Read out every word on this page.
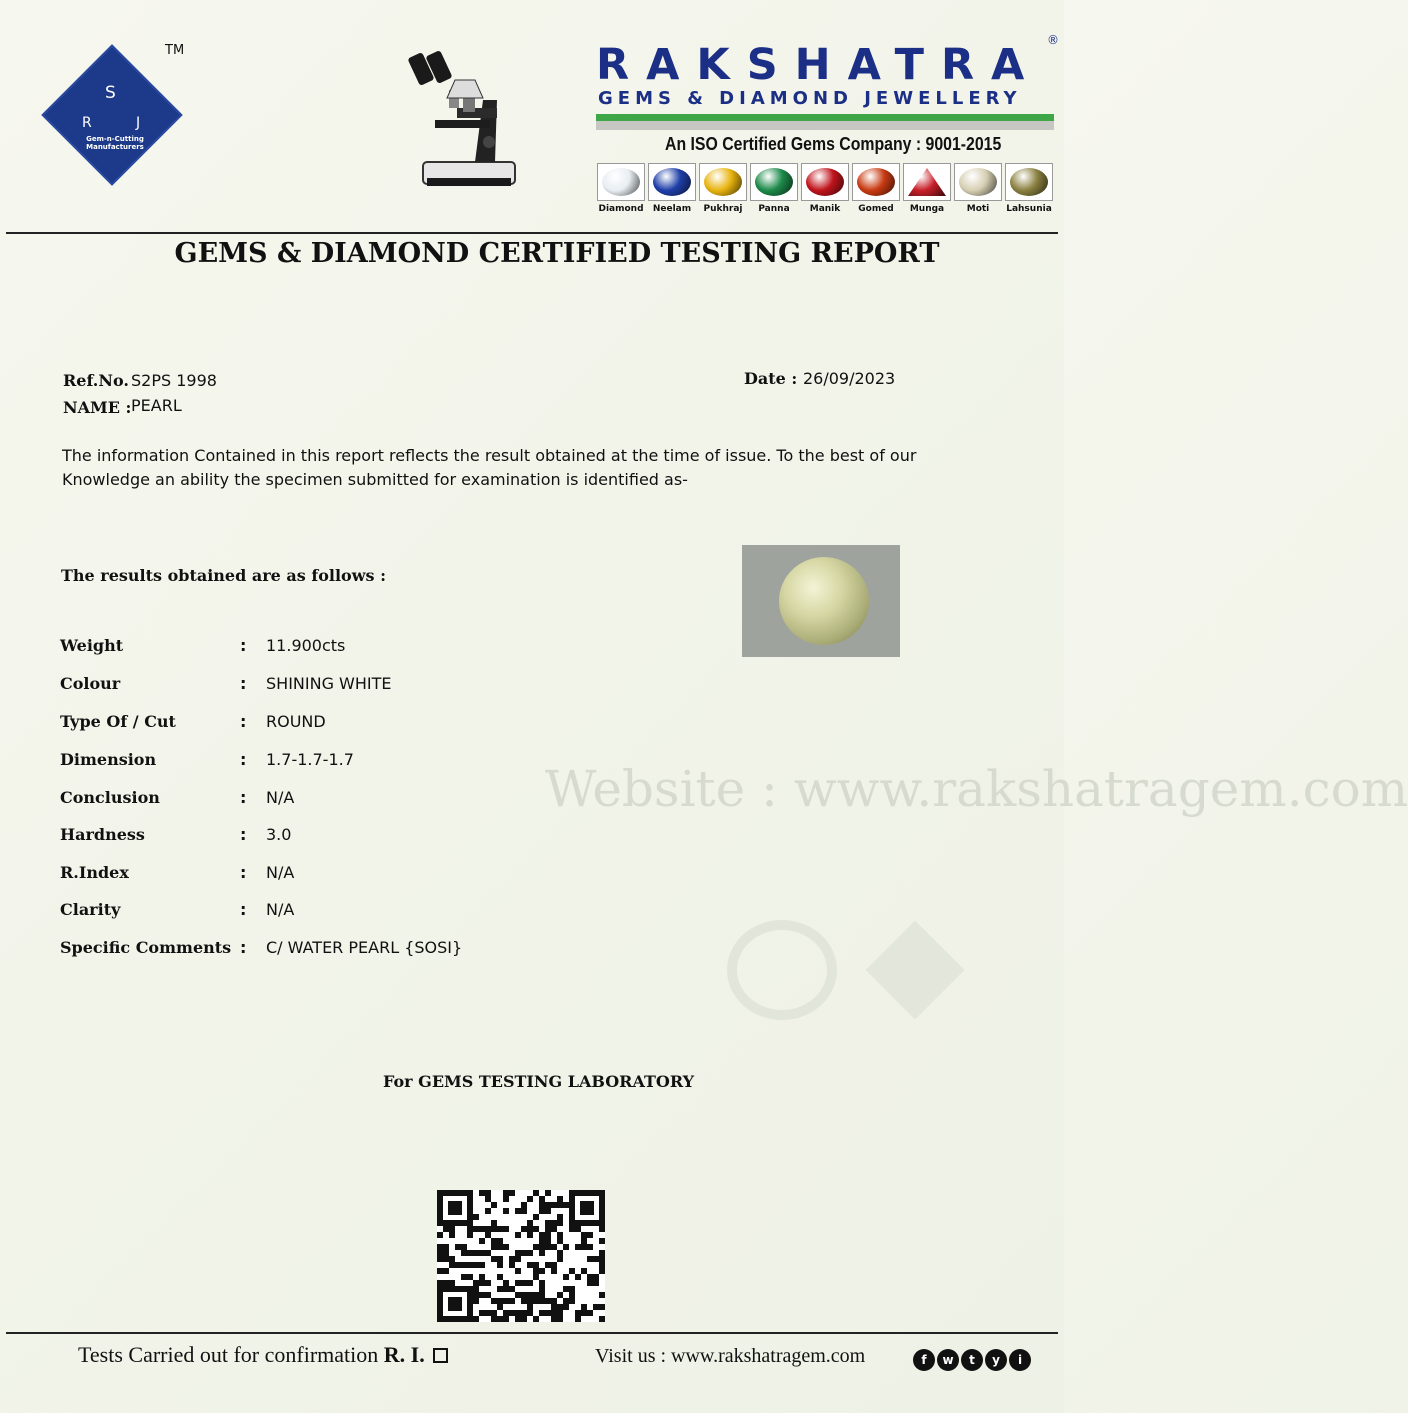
TM
S
R	J
Gem-n-Cutting Manufacturers
RAKSHATRA ®
GEMS & DIAMOND JEWELLERY
An ISO Certified Gems Company : 9001-2015
Diamond Neelam Pukhraj Panna Manik Gomed Munga	Moti Lahsunia
GEMS & DIAMOND CERTIFIED TESTING REPORT
Ref.No. S2PS 1998
NAME : PEARL
Date : 26/09/2023
The information Contained in this report reflects the result obtained at the time of issue. To the best of our Knowledge an ability the specimen submitted for examination is identified as-
The results obtained are as follows :
Website : www.rakshatragem.com
Weight	: 11.900cts
Colour	: SHINING WHITE
Type Of / Cut	: ROUND
Dimension	: 1.7-1.7-1.7
Conclusion	: N/A
Hardness	: 3.0
R.Index	: N/A
Clarity	: N/A
Specific Comments : C/ WATER PEARL {SOSI}
For GEMS TESTING LABORATORY
Tests Carried out for confirmation R. I.	Visit us : www.rakshatragem.com	f	w	t	y	i
